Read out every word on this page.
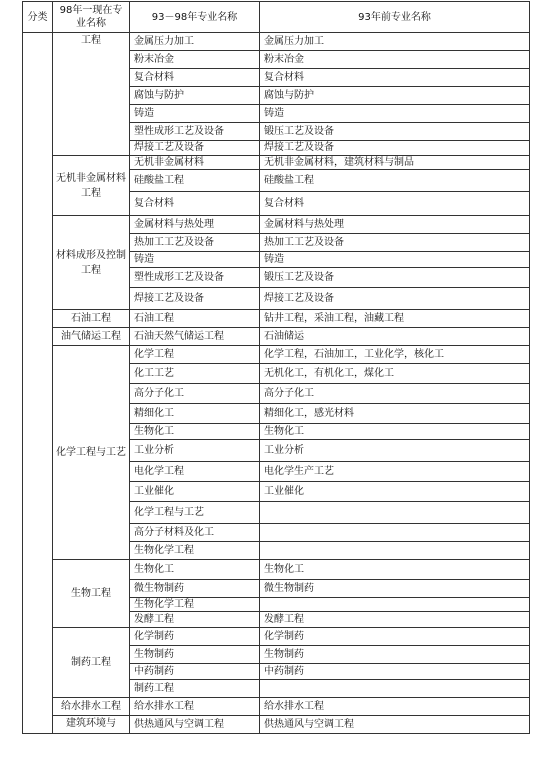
分类	98年一现在专业名称	93－98年专业名称	93年前专业名称
	工程	金属压力加工	金属压力加工
		粉末冶金	粉末冶金
		复合材料	复合材料
		腐蚀与防护	腐蚀与防护
		铸造	铸造
		塑性成形工艺及设备	锻压工艺及设备
		焊接工艺及设备	焊接工艺及设备
	无机非金属材料工程	无机非金属材料	无机非金属材料，建筑材料与制品
		硅酸盐工程	硅酸盐工程
		复合材料	复合材料
	材料成形及控制工程	金属材料与热处理	金属材料与热处理
		热加工工艺及设备	热加工工艺及设备
		铸造	铸造
		塑性成形工艺及设备	锻压工艺及设备
		焊接工艺及设备	焊接工艺及设备
	石油工程	石油工程	钻井工程，采油工程，油藏工程
	油气储运工程	石油天然气储运工程	石油储运
	化学工程与工艺	化学工程	化学工程，石油加工，工业化学，核化工
		化工工艺	无机化工，有机化工，煤化工
		高分子化工	高分子化工
		精细化工	精细化工，感光材料
		生物化工	生物化工
		工业分析	工业分析
		电化学工程	电化学生产工艺
		工业催化	工业催化
		化学工程与工艺	
		高分子材料及化工	
		生物化学工程	
	生物工程	生物化工	生物化工
		微生物制药	微生物制药
		生物化学工程	
		发酵工程	发酵工程
	制药工程	化学制药	化学制药
		生物制药	生物制药
		中药制药	中药制药
		制药工程	
	给水排水工程	给水排水工程	给水排水工程
	建筑环境与	供热通风与空调工程	供热通风与空调工程
